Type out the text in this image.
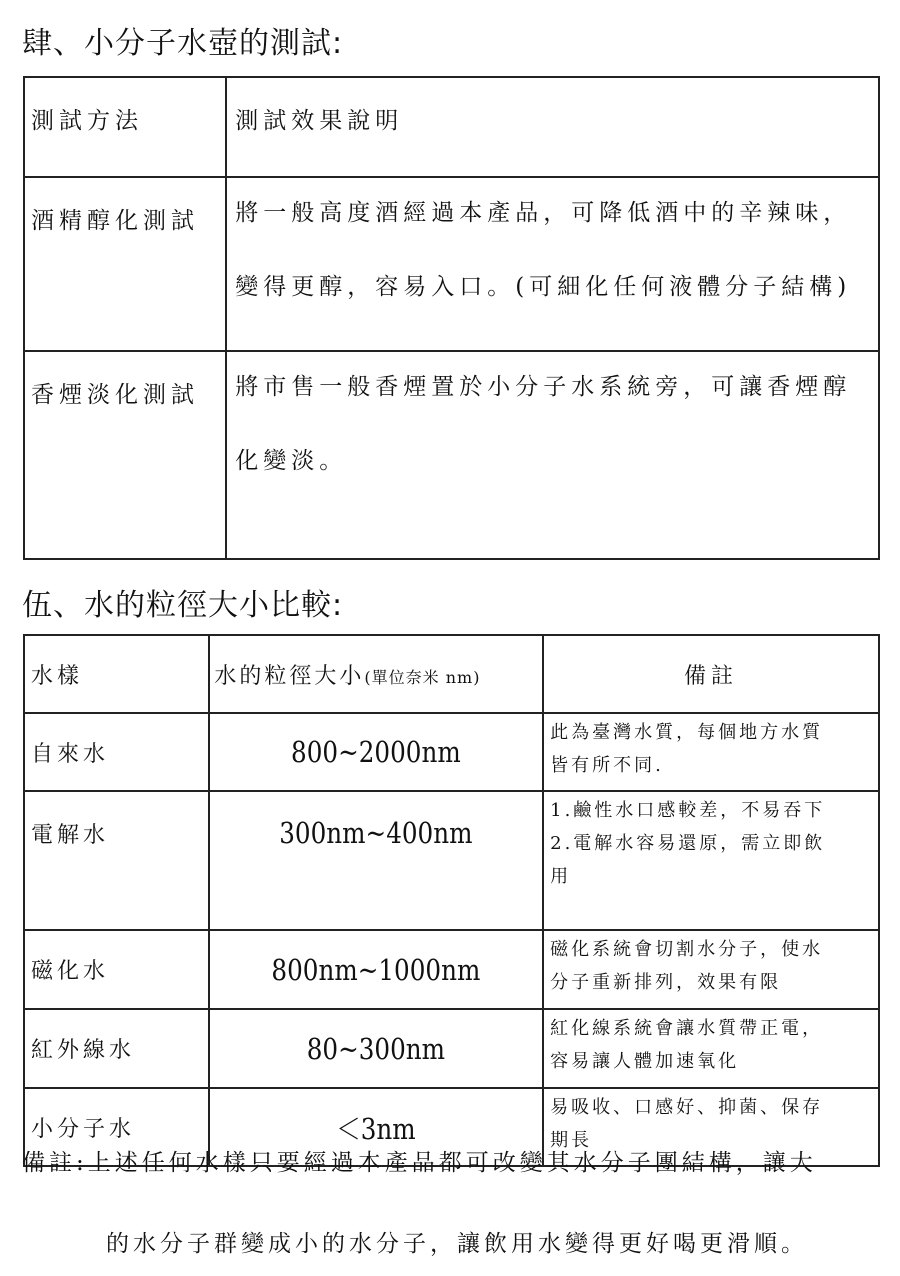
肆、小分子水壺的測試:
測試方法	測試效果說明
酒精醇化測試	將一般高度酒經過本產品，可降低酒中的辛辣味，

變得更醇，容易入口。(可細化任何液體分子結構)

香煙淡化測試	將市售一般香煙置於小分子水系統旁，可讓香煙醇

化變淡。

伍、水的粒徑大小比較:
水樣	水的粒徑大小(單位奈米 nm)	備註
自來水	800~2000nm	此為臺灣水質，每個地方水質
皆有所不同.

電解水	300nm~400nm	1.鹼性水口感較差，不易吞下
2.電解水容易還原，需立即飲
用

磁化水	800nm~1000nm	磁化系統會切割水分子，使水
分子重新排列，效果有限

紅外線水	80~300nm	紅化線系統會讓水質帶正電，
容易讓人體加速氧化

小分子水	＜3nm	易吸收、口感好、抑菌、保存
期長

備註:上述任何水樣只要經過本產品都可改變其水分子團結構，讓大

的水分子群變成小的水分子，讓飲用水變得更好喝更滑順。
